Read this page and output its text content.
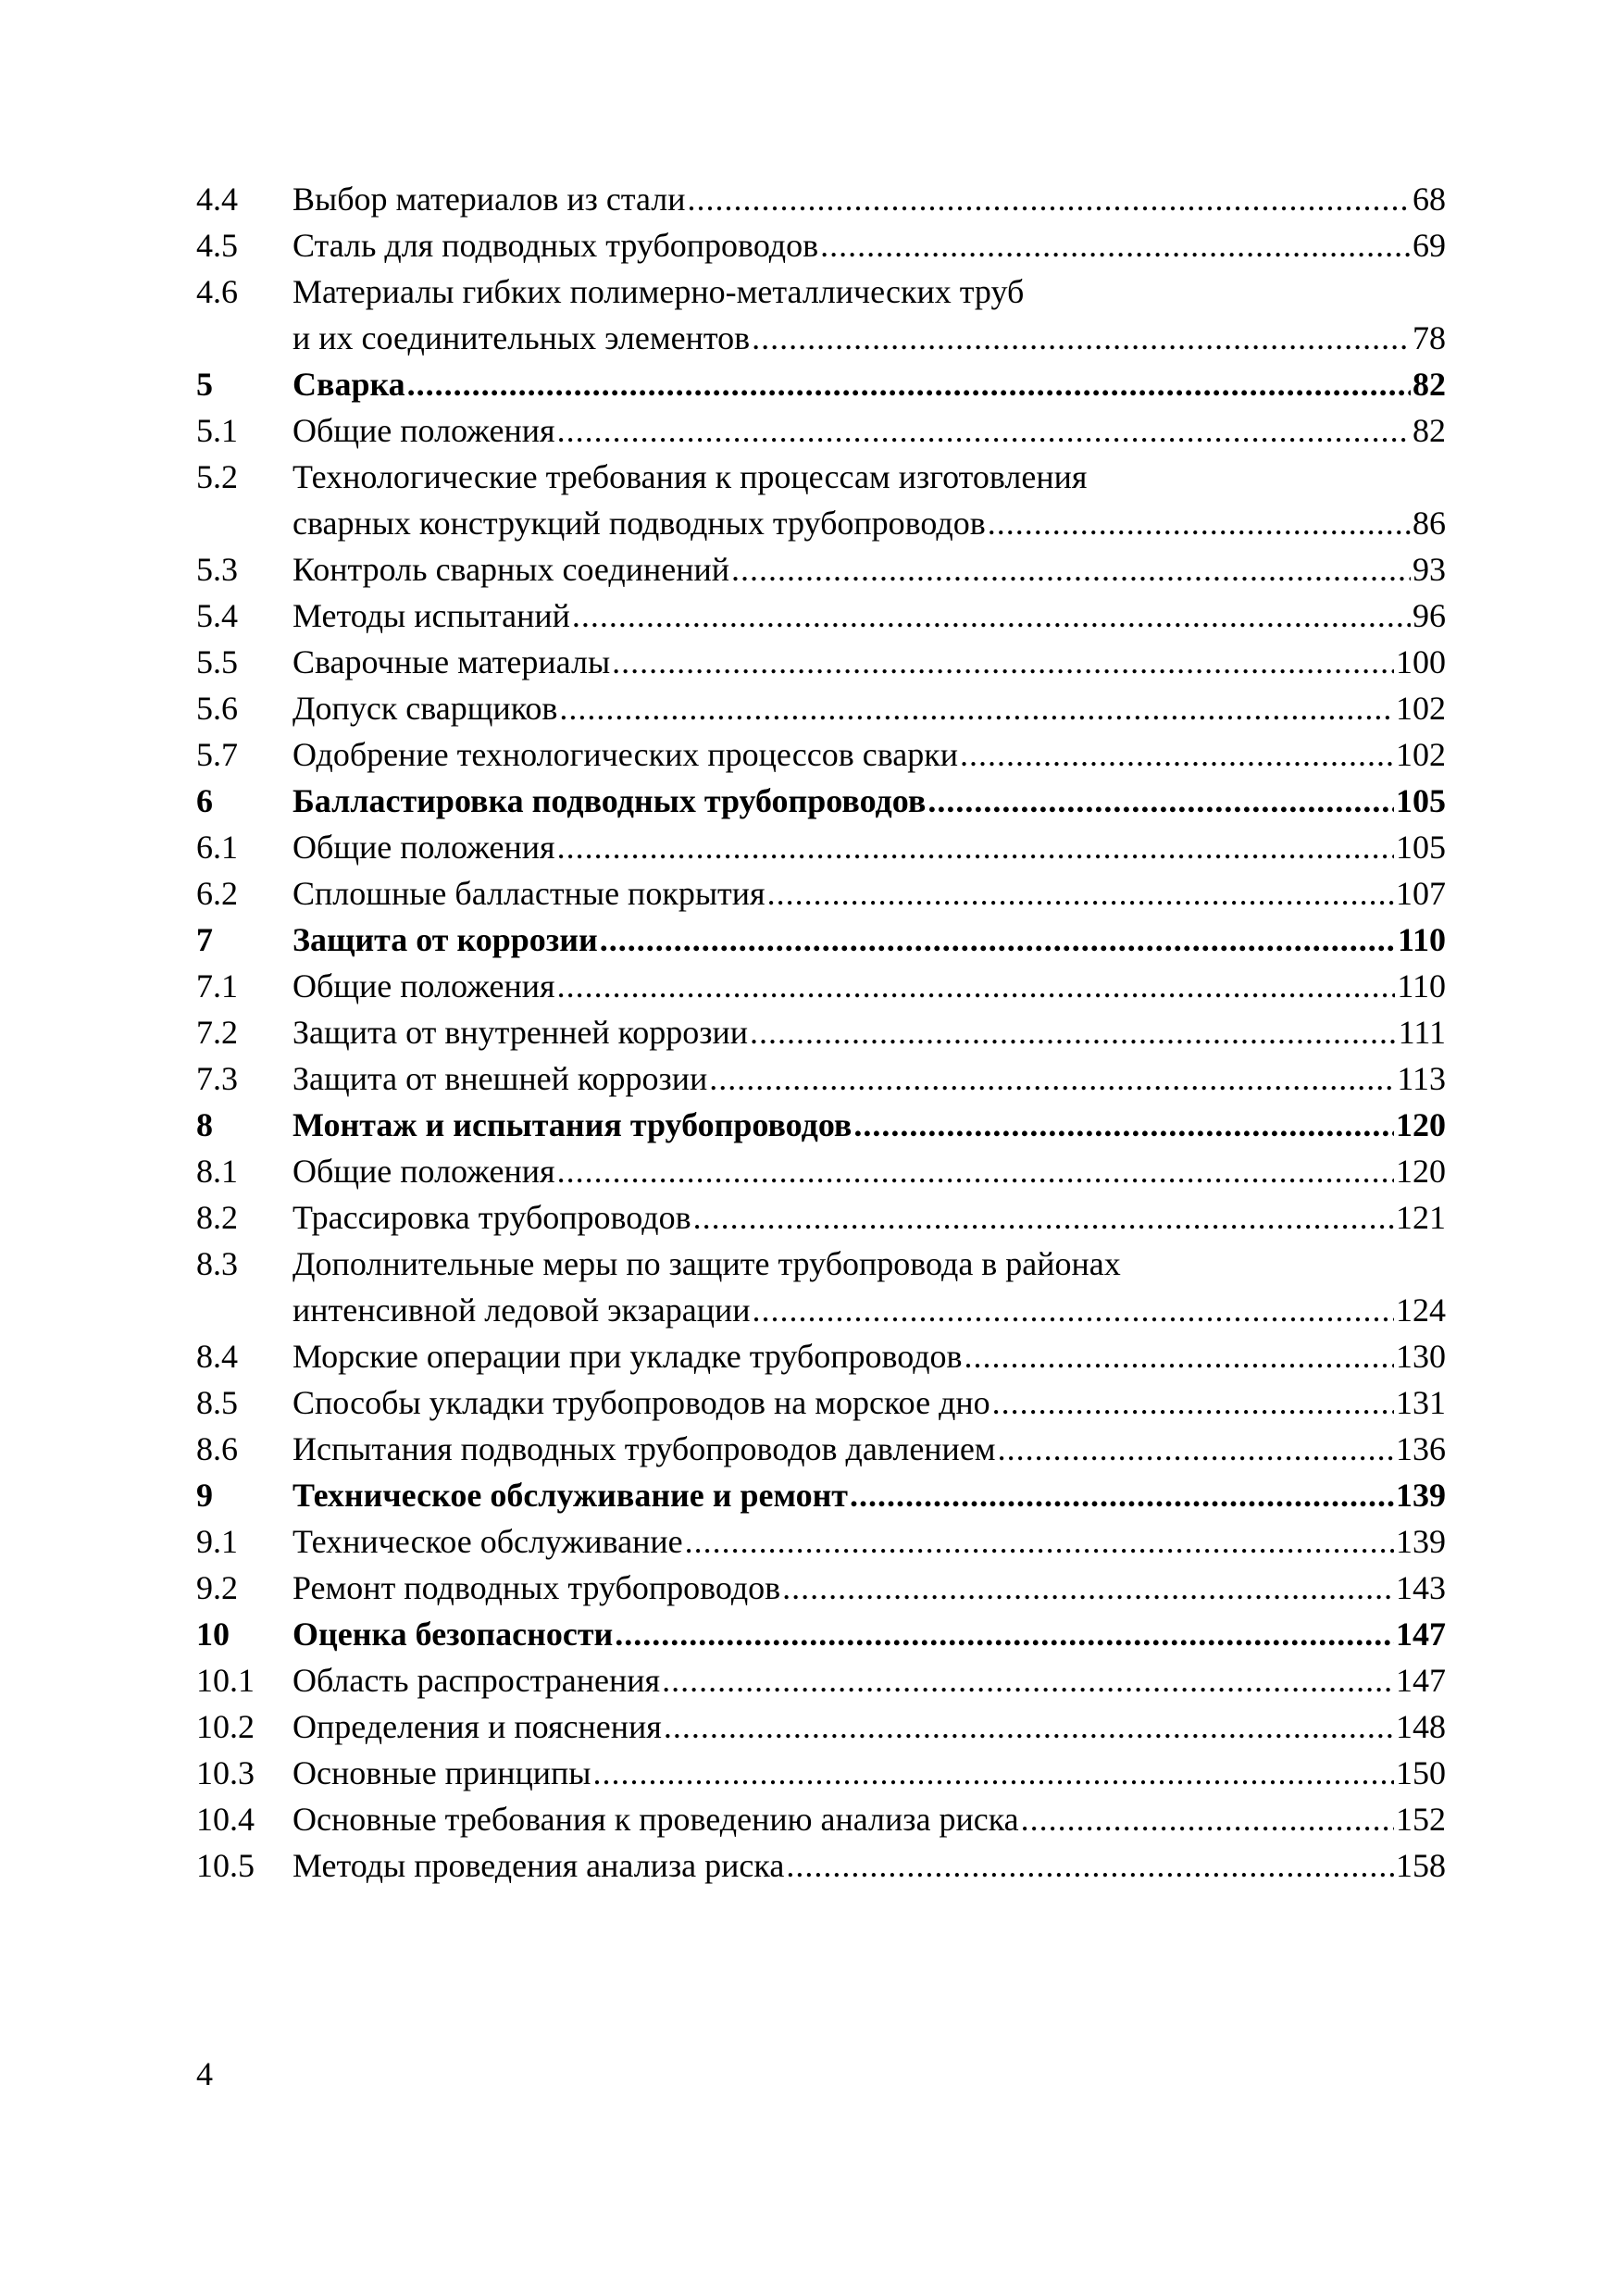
4.4	Выбор материалов из стали .....	68
4.5	Сталь для подводных трубопроводов .....	69
4.6	Материалы гибких полимерно-металлических труб
и их соединительных элементов .....	78
5	Сварка .....	82
5.1	Общие положения .....	82
5.2	Технологические требования к процессам изготовления
сварных конструкций подводных трубопроводов .....	86
5.3	Контроль сварных соединений .....	93
5.4	Методы испытаний .....	96
5.5	Сварочные материалы .....	100
5.6	Допуск сварщиков .....	102
5.7	Одобрение технологических процессов сварки .....	102
6	Балластировка подводных трубопроводов .....	105
6.1	Общие положения .....	105
6.2	Сплошные балластные покрытия .....	107
7	Защита от коррозии .....	110
7.1	Общие положения .....	110
7.2	Защита от внутренней коррозии .....	111
7.3	Защита от внешней коррозии .....	113
8	Монтаж и испытания трубопроводов .....	120
8.1	Общие положения .....	120
8.2	Трассировка трубопроводов .....	121
8.3	Дополнительные меры по защите трубопровода в районах
интенсивной ледовой экзарации .....	124
8.4	Морские операции при укладке трубопроводов .....	130
8.5	Способы укладки трубопроводов на морское дно .....	131
8.6	Испытания подводных трубопроводов давлением .....	136
9	Техническое обслуживание и ремонт .....	139
9.1	Техническое обслуживание .....	139
9.2	Ремонт подводных трубопроводов .....	143
10	Оценка безопасности .....	147
10.1	Область распространения .....	147
10.2	Определения и пояснения .....	148
10.3	Основные принципы .....	150
10.4	Основные требования к проведению анализа риска .....	152
10.5	Методы проведения анализа риска .....	158
4
